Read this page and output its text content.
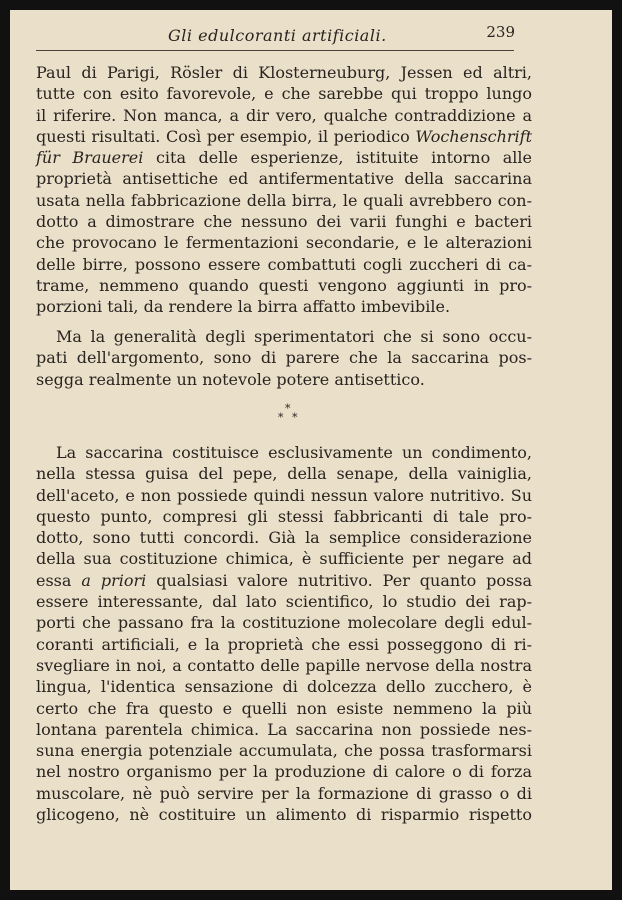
Gli edulcoranti artificiali.	239
Paul di Parigi, Rösler di Klosterneuburg, Jessen ed altri,
tutte con esito favorevole, e che sarebbe qui troppo lungo
il riferire. Non manca, a dir vero, qualche contraddizione a
questi risultati. Così per esempio, il periodico Wochenschrift
für Brauerei cita delle esperienze, istituite intorno alle
proprietà antisettiche ed antifermentative della saccarina
usata nella fabbricazione della birra, le quali avrebbero con-
dotto a dimostrare che nessuno dei varii funghi e bacteri
che provocano le fermentazioni secondarie, e le alterazioni
delle birre, possono essere combattuti cogli zuccheri di ca-
trame, nemmeno quando questi vengono aggiunti in pro-
porzioni tali, da rendere la birra affatto imbevibile.
Ma la generalità degli sperimentatori che si sono occu-
pati dell'argomento, sono di parere che la saccarina pos-
segga realmente un notevole potere antisettico.
*
* *
La saccarina costituisce esclusivamente un condimento,
nella stessa guisa del pepe, della senape, della vainiglia,
dell'aceto, e non possiede quindi nessun valore nutritivo. Su
questo punto, compresi gli stessi fabbricanti di tale pro-
dotto, sono tutti concordi. Già la semplice considerazione
della sua costituzione chimica, è sufficiente per negare ad
essa a priori qualsiasi valore nutritivo. Per quanto possa
essere interessante, dal lato scientifico, lo studio dei rap-
porti che passano fra la costituzione molecolare degli edul-
coranti artificiali, e la proprietà che essi posseggono di ri-
svegliare in noi, a contatto delle papille nervose della nostra
lingua, l'identica sensazione di dolcezza dello zucchero, è
certo che fra questo e quelli non esiste nemmeno la più
lontana parentela chimica. La saccarina non possiede nes-
suna energia potenziale accumulata, che possa trasformarsi
nel nostro organismo per la produzione di calore o di forza
muscolare, nè può servire per la formazione di grasso o di
glicogeno, nè costituire un alimento di risparmio rispetto
